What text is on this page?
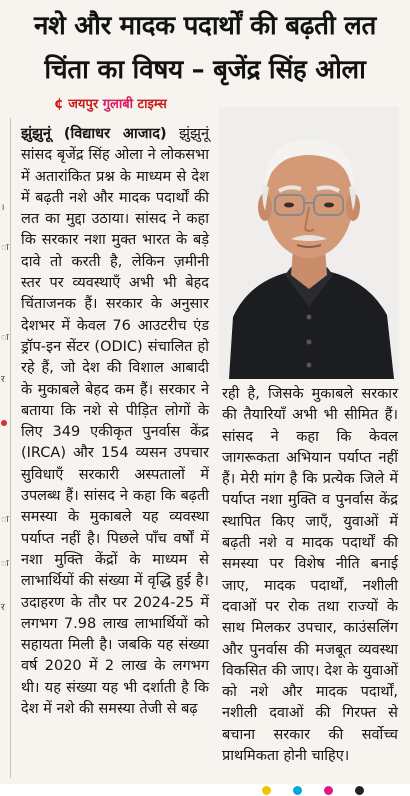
नशे और मादक पदार्थों की बढ़ती लत
चिंता का विषय – बृजेंद्र सिंह ओला
¢ जयपुर गुलाबी टाइम्स
।
ा
ा
र
ा
ा
र

झुंझुनूं (विद्याधर आजाद) झुंझुनूं सांसद बृजेंद्र सिंह ओला ने लोकसभा में अतारांकित प्रश्न के माध्यम से देश में बढ़ती नशे और मादक पदार्थों की लत का मुद्दा उठाया। सांसद ने कहा कि सरकार नशा मुक्त भारत के बड़े दावे तो करती है, लेकिन ज़मीनी स्तर पर व्यवस्थाएँ अभी भी बेहद चिंताजनक हैं। सरकार के अनुसार देशभर में केवल 76 आउटरीच एंड ड्रॉप-इन सेंटर (ODIC) संचालित हो रहे हैं, जो देश की विशाल आबादी के मुकाबले बेहद कम हैं। सरकार ने बताया कि नशे से पीड़ित लोगों के लिए 349 एकीकृत पुनर्वास केंद्र (IRCA) और 154 व्यसन उपचार सुविधाएँ सरकारी अस्पतालों में उपलब्ध हैं। सांसद ने कहा कि बढ़ती समस्या के मुकाबले यह व्यवस्था पर्याप्त नहीं है। पिछले पाँच वर्षों में नशा मुक्ति केंद्रों के माध्यम से लाभार्थियों की संख्या में वृद्धि हुई है। उदाहरण के तौर पर 2024-25 में लगभग 7.98 लाख लाभार्थियों को सहायता मिली है। जबकि यह संख्या वर्ष 2020 में 2 लाख के लगभग थी। यह संख्या यह भी दर्शाती है कि देश में नशे की समस्या तेजी से बढ़

रही है, जिसके मुकाबले सरकार की तैयारियाँ अभी भी सीमित हैं। सांसद ने कहा कि केवल जागरूकता अभियान पर्याप्त नहीं हैं। मेरी मांग है कि प्रत्येक जिले में पर्याप्त नशा मुक्ति व पुनर्वास केंद्र स्थापित किए जाएँ, युवाओं में बढ़ती नशे व मादक पदार्थों की समस्या पर विशेष नीति बनाई जाए, मादक पदार्थों, नशीली दवाओं पर रोक तथा राज्यों के साथ मिलकर उपचार, काउंसलिंग और पुनर्वास की मजबूत व्यवस्था विकसित की जाए। देश के युवाओं को नशे और मादक पदार्थों, नशीली दवाओं की गिरफ्त से बचाना सरकार की सर्वोच्च प्राथमिकता होनी चाहिए।
